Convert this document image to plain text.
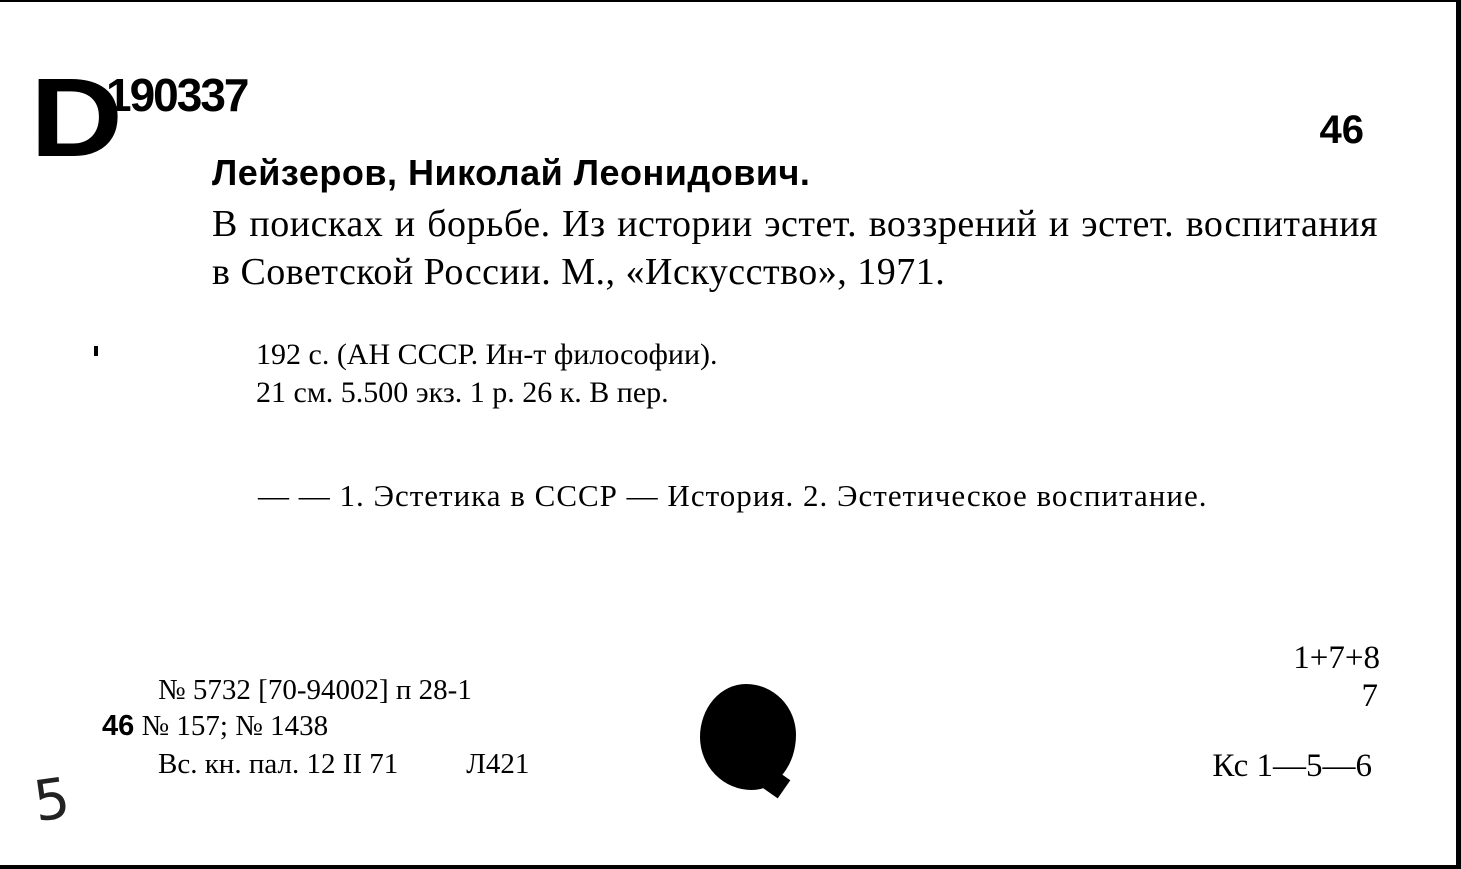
D
190337
46
Лейзеров, Николай Леонидович.

В поисках и борьбе. Из истории эстет. воззрений и эстет. воспитания в Советской России. М., «Искусство», 1971.

192 с. (АН СССР. Ин-т философии).
21 см. 5.500 экз. 1 р. 26 к. В пер.

— — 1. Эстетика в СССР — История. 2. Эстетическое воспитание.

№ 5732 [70-94002] п 28-1
46 № 157; № 1438
Вс. кн. пал. 12 II 71 Л421
1+7+8
7
Кс 1—5—6
5
